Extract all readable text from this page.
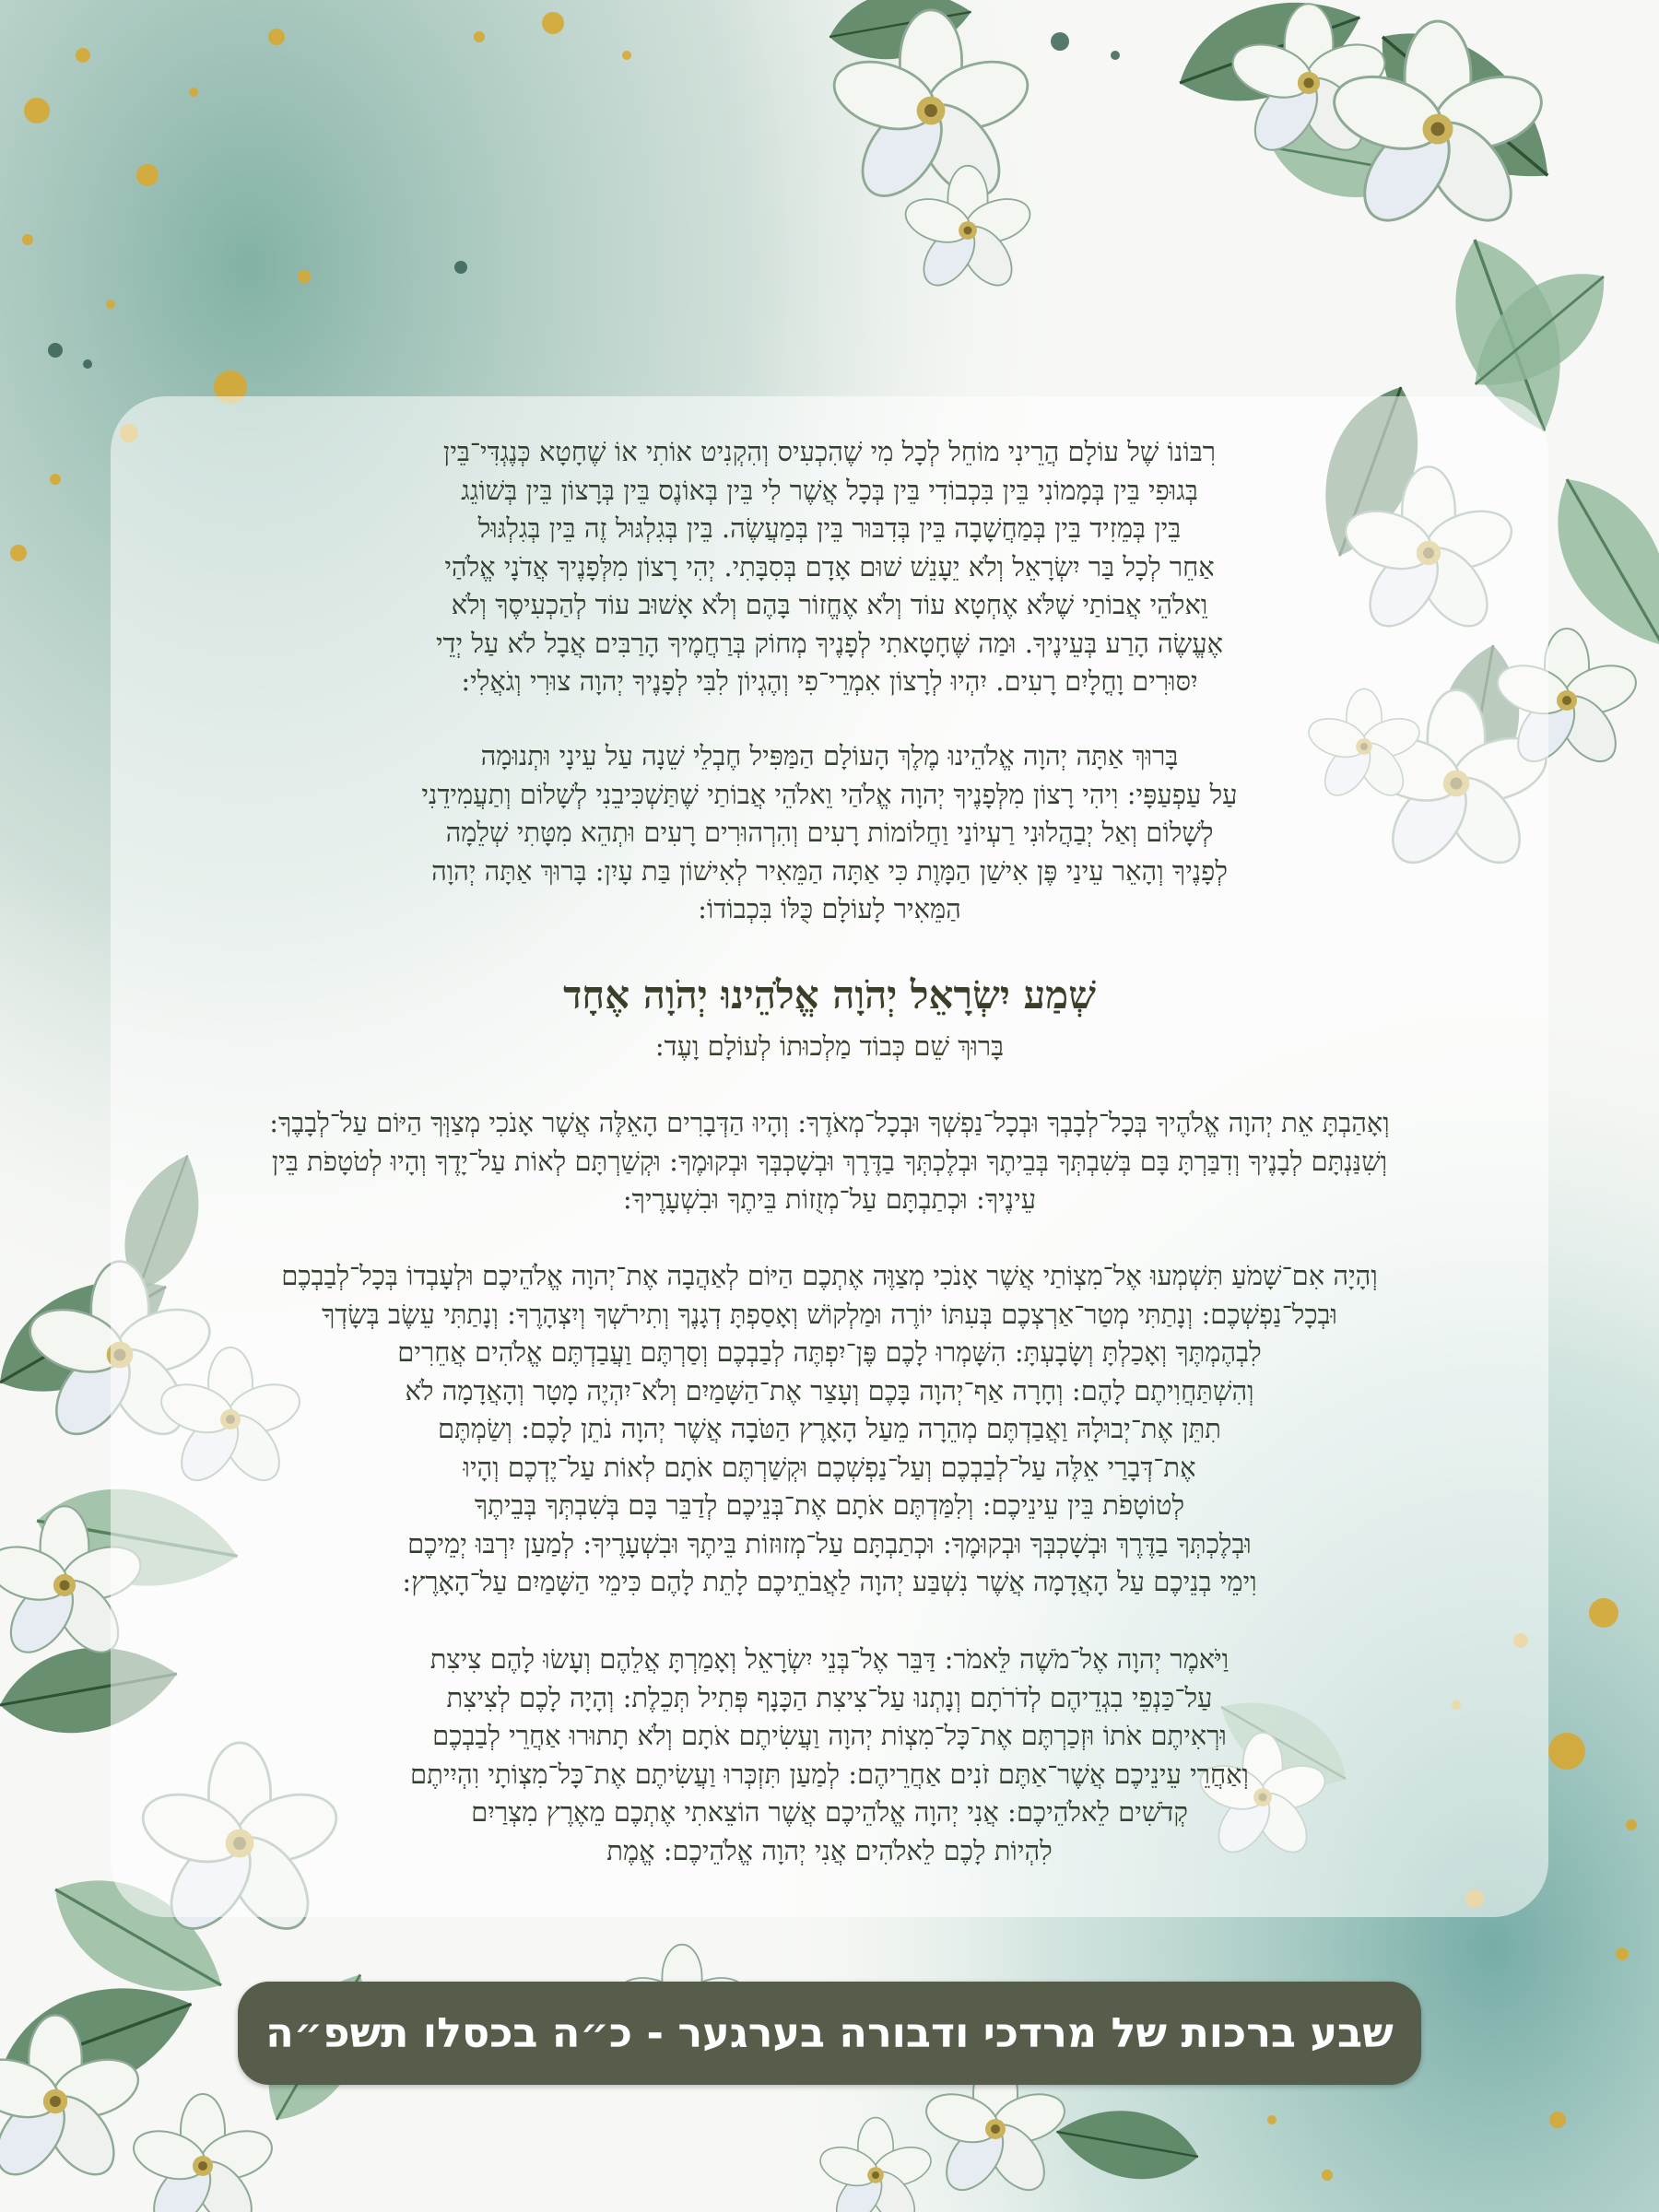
רִבּוֹנוֹ שֶׁל עוֹלָם הֲרֵינִי מוֹחֵל לְכָל מִי שֶׁהִכְעִיס וְהִקְנִיט אוֹתִי אוֹ שֶׁחָטָא כְּנֶגְדִּי־בֵּין
בְּגוּפִי בֵּין בְּמָמוֹנִי בֵּין בִּכְבוֹדִי בֵּין בְּכָל אֲשֶׁר לִי בֵּין בְּאוֹנֶס בֵּין בְּרָצוֹן בֵּין בְּשׁוֹגֵג
בֵּין בְּמֵזִיד בֵּין בְּמַחֲשָׁבָה בֵּין בְּדִבּוּר בֵּין בְּמַעֲשֶׂה. בֵּין בְּגִלְגּוּל זֶה בֵּין בְּגִלְגּוּל
אַחֵר לְכָל בַּר יִשְׂרָאֵל וְלֹא יֵעָנֵשׁ שׁוּם אָדָם בְּסִבָּתִי. יְהִי רָצוֹן מִלְּפָנֶיךָ אֲדֹנָי אֱלֹהַי
וֵאלֹהֵי אֲבוֹתַי שֶׁלֹּא אֶחְטָא עוֹד וְלֹא אֶחֱזוֹר בָּהֶם וְלֹא אָשׁוּב עוֹד לְהַכְעִיסֶךָ וְלֹא
אֶעֱשֶׂה הָרַע בְּעֵינֶיךָ. וּמַה שֶּׁחָטָאתִי לְפָנֶיךָ מְחוֹק בְּרַחֲמֶיךָ הָרַבִּים אֲבָל לֹא עַל יְדֵי
יִסּוּרִים וָחֳלָיִם רָעִים. יִהְיוּ לְרָצוֹן אִמְרֵי־פִי וְהֶגְיוֹן לִבִּי לְפָנֶיךָ יְהוָה צוּרִי וְגֹאֲלִי:
בָּרוּךְ אַתָּה יְהוָה אֱלֹהֵינוּ מֶלֶךְ הָעוֹלָם הַמַּפִּיל חֶבְלֵי שֵׁנָה עַל עֵינָי וּתְנוּמָה
עַל עַפְעַפָּי: וִיהִי רָצוֹן מִלְּפָנֶיךָ יְהוָה אֱלֹהַי וֵאלֹהֵי אֲבוֹתַי שֶׁתַּשְׁכִּיבֵנִי לְשָׁלוֹם וְתַעֲמִידֵנִי
לְשָׁלוֹם וְאַל יְבַהֲלוּנִי רַעְיוֹנַי וַחֲלוֹמוֹת רָעִים וְהִרְהוּרִים רָעִים וּתְהֵא מִטָּתִי שְׁלֵמָה
לְפָנֶיךָ וְהָאֵר עֵינַי פֶּן אִישַׁן הַמָּוֶת כִּי אַתָּה הַמֵּאִיר לְאִישׁוֹן בַּת עָיִן: בָּרוּךְ אַתָּה יְהוָה
הַמֵּאִיר לָעוֹלָם כֻּלּוֹ בִּכְבוֹדוֹ:
שְׁמַע יִשְׂרָאֵל יְהֹוָה אֱלֹהֵינוּ יְהֹוָה אֶחָד
בָּרוּךְ שֵׁם כְּבוֹד מַלְכוּתוֹ לְעוֹלָם וָעֶד:
וְאָהַבְתָּ אֵת יְהוָה אֱלֹהֶיךָ בְּכָל־לְבָבְךָ וּבְכָל־נַפְשְׁךָ וּבְכָל־מְאֹדֶךָ: וְהָיוּ הַדְּבָרִים הָאֵלֶּה אֲשֶׁר אָנֹכִי מְצַוְּךָ הַיּוֹם עַל־לְבָבֶךָ:
וְשִׁנַּנְתָּם לְבָנֶיךָ וְדִבַּרְתָּ בָּם בְּשִׁבְתְּךָ בְּבֵיתֶךָ וּבְלֶכְתְּךָ בַדֶּרֶךְ וּבְשָׁכְבְּךָ וּבְקוּמֶךָ: וּקְשַׁרְתָּם לְאוֹת עַל־יָדֶךָ וְהָיוּ לְטֹטָפֹת בֵּין
עֵינֶיךָ: וּכְתַבְתָּם עַל־מְזֻזוֹת בֵּיתֶךָ וּבִשְׁעָרֶיךָ:
וְהָיָה אִם־שָׁמֹעַ תִּשְׁמְעוּ אֶל־מִצְוֹתַי אֲשֶׁר אָנֹכִי מְצַוֶּה אֶתְכֶם הַיּוֹם לְאַהֲבָה אֶת־יְהוָה אֱלֹהֵיכֶם וּלְעָבְדוֹ בְּכָל־לְבַבְכֶם
וּבְכָל־נַפְשְׁכֶם: וְנָתַתִּי מְטַר־אַרְצְכֶם בְּעִתּוֹ יוֹרֶה וּמַלְקוֹשׁ וְאָסַפְתָּ דְגָנֶךָ וְתִירֹשְׁךָ וְיִצְהָרֶךָ: וְנָתַתִּי עֵשֶׂב בְּשָׂדְךָ
לִבְהֶמְתֶּךָ וְאָכַלְתָּ וְשָׂבָעְתָּ: הִשָּׁמְרוּ לָכֶם פֶּן־יִפְתֶּה לְבַבְכֶם וְסַרְתֶּם וַעֲבַדְתֶּם אֱלֹהִים אֲחֵרִים
וְהִשְׁתַּחֲוִיתֶם לָהֶם: וְחָרָה אַף־יְהוָה בָּכֶם וְעָצַר אֶת־הַשָּׁמַיִם וְלֹא־יִהְיֶה מָטָר וְהָאֲדָמָה לֹא
תִתֵּן אֶת־יְבוּלָהּ וַאֲבַדְתֶּם מְהֵרָה מֵעַל הָאָרֶץ הַטֹּבָה אֲשֶׁר יְהוָה נֹתֵן לָכֶם: וְשַׂמְתֶּם
אֶת־דְּבָרַי אֵלֶּה עַל־לְבַבְכֶם וְעַל־נַפְשְׁכֶם וּקְשַׁרְתֶּם אֹתָם לְאוֹת עַל־יֶדְכֶם וְהָיוּ
לְטוֹטָפֹת בֵּין עֵינֵיכֶם: וְלִמַּדְתֶּם אֹתָם אֶת־בְּנֵיכֶם לְדַבֵּר בָּם בְּשִׁבְתְּךָ בְּבֵיתֶךָ
וּבְלֶכְתְּךָ בַדֶּרֶךְ וּבְשָׁכְבְּךָ וּבְקוּמֶךָ: וּכְתַבְתָּם עַל־מְזוּזוֹת בֵּיתֶךָ וּבִשְׁעָרֶיךָ: לְמַעַן יִרְבּוּ יְמֵיכֶם
וִימֵי בְנֵיכֶם עַל הָאֲדָמָה אֲשֶׁר נִשְׁבַּע יְהוָה לַאֲבֹתֵיכֶם לָתֵת לָהֶם כִּימֵי הַשָּׁמַיִם עַל־הָאָרֶץ:
וַיֹּאמֶר יְהוָה אֶל־מֹשֶׁה לֵּאמֹר: דַּבֵּר אֶל־בְּנֵי יִשְׂרָאֵל וְאָמַרְתָּ אֲלֵהֶם וְעָשׂוּ לָהֶם צִיצִת
עַל־כַּנְפֵי בִגְדֵיהֶם לְדֹרֹתָם וְנָתְנוּ עַל־צִיצִת הַכָּנָף פְּתִיל תְּכֵלֶת: וְהָיָה לָכֶם לְצִיצִת
וּרְאִיתֶם אֹתוֹ וּזְכַרְתֶּם אֶת־כָּל־מִצְוֹת יְהוָה וַעֲשִׂיתֶם אֹתָם וְלֹא תָתוּרוּ אַחֲרֵי לְבַבְכֶם
וְאַחֲרֵי עֵינֵיכֶם אֲשֶׁר־אַתֶּם זֹנִים אַחֲרֵיהֶם: לְמַעַן תִּזְכְּרוּ וַעֲשִׂיתֶם אֶת־כָּל־מִצְוֹתָי וִהְיִיתֶם
קְדֹשִׁים לֵאלֹהֵיכֶם: אֲנִי יְהוָה אֱלֹהֵיכֶם אֲשֶׁר הוֹצֵאתִי אֶתְכֶם מֵאֶרֶץ מִצְרַיִם
לִהְיוֹת לָכֶם לֵאלֹהִים אֲנִי יְהוָה אֱלֹהֵיכֶם: אֱמֶת
שבע ברכות של מרדכי ודבורה בערגער - כ״ה בכסלו תשפ״ה
